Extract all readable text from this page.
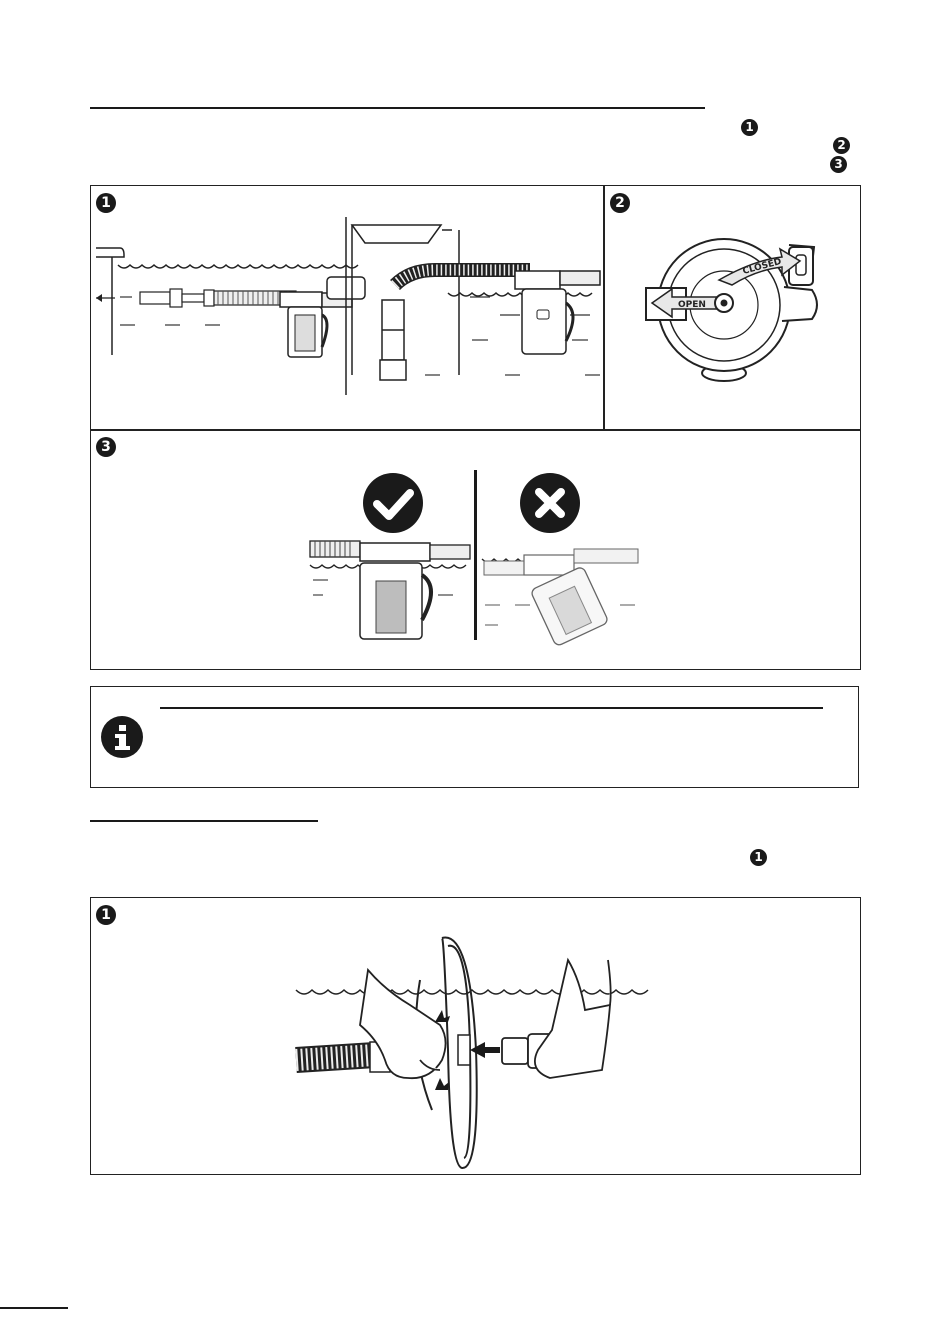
1
2
3
1	2
CLOSED
OPEN
3
1
1
